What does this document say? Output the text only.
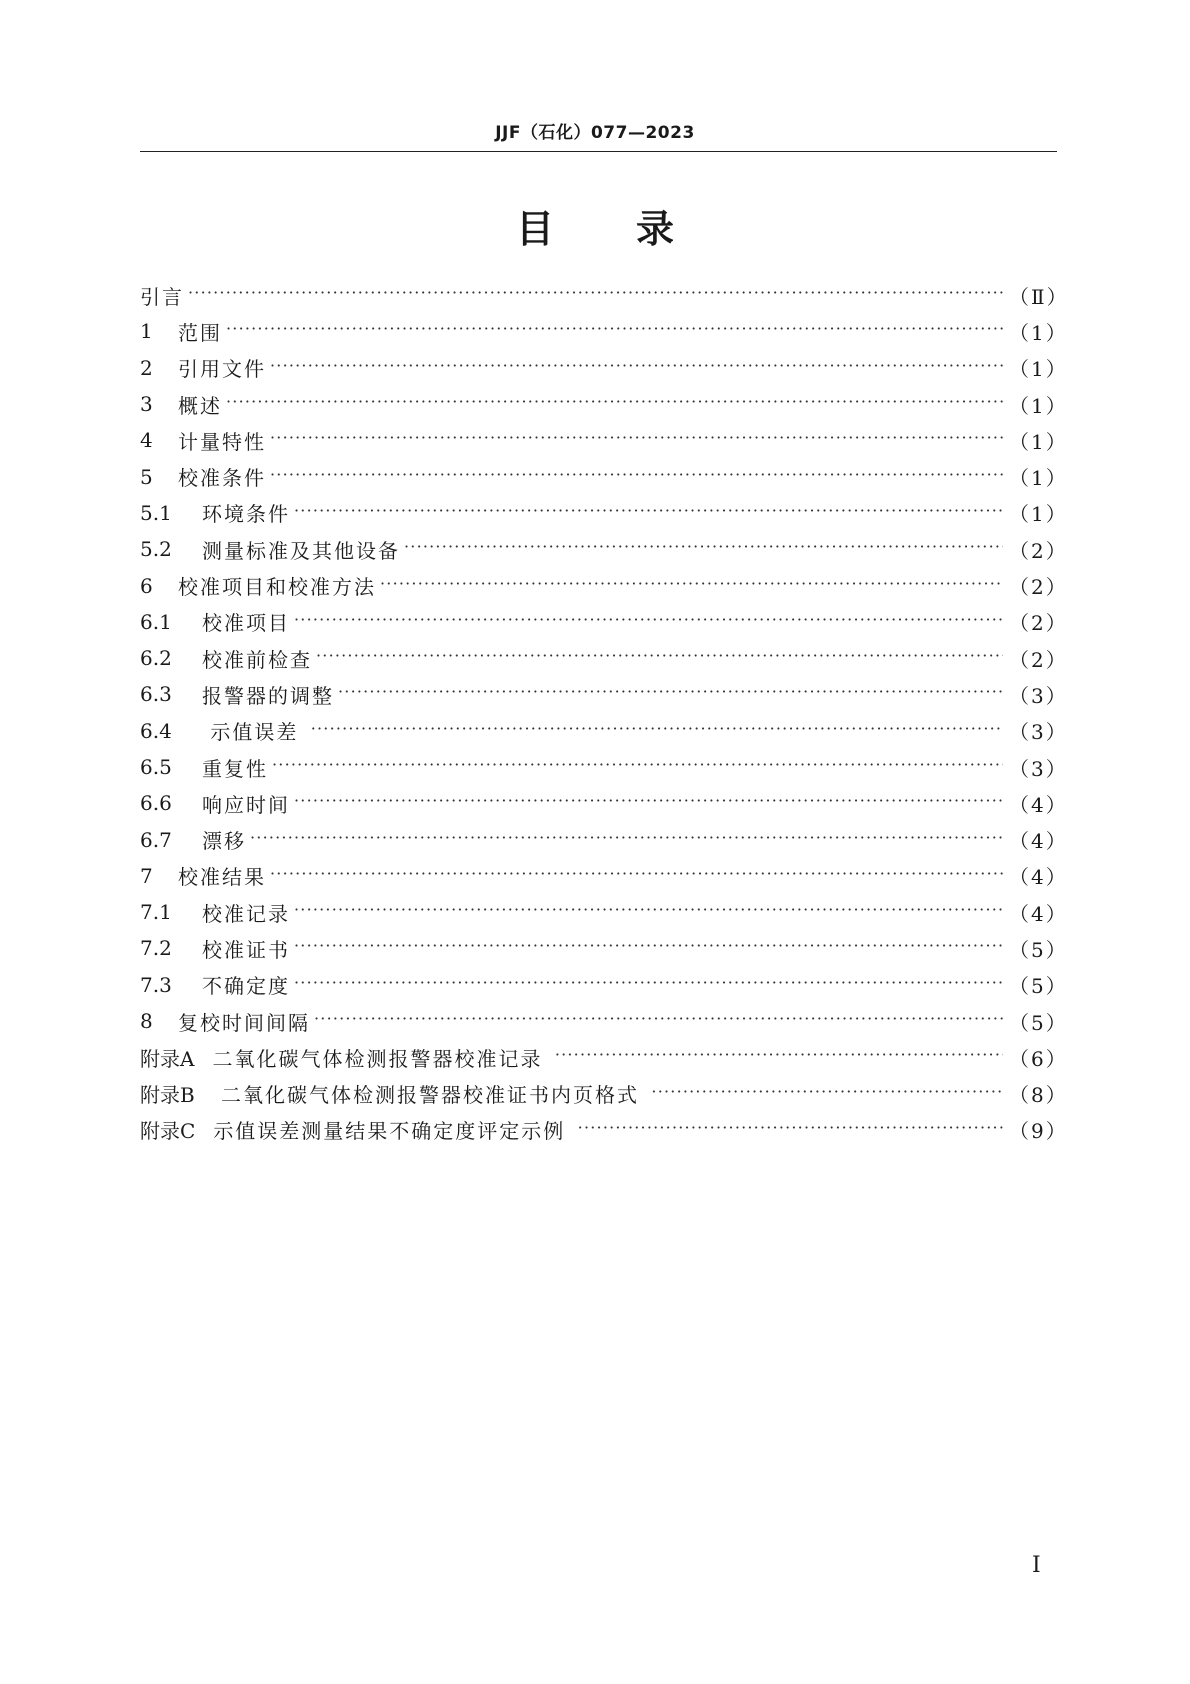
JJF（石化）077—2023
目录
引言 ·····	（Ⅱ）
1	范围 ·····	（1）
2	引用文件 ·····	（1）
3	概述 ·····	（1）
4	计量特性 ·····	（1）
5	校准条件 ·····	（1）
5.1	环境条件 ·····	（1）
5.2	测量标准及其他设备 ·····	（2）
6	校准项目和校准方法 ·····	（2）
6.1	校准项目 ·····	（2）
6.2	校准前检查 ·····	（2）
6.3	报警器的调整 ·····	（3）
6.4	示值误差 ·····	（3）
6.5	重复性 ·····	（3）
6.6	响应时间 ·····	（4）
6.7	漂移 ·····	（4）
7	校准结果 ·····	（4）
7.1	校准记录 ·····	（4）
7.2	校准证书 ·····	（5）
7.3	不确定度 ·····	（5）
8	复校时间间隔 ·····	（5）
附录A 二氧化碳气体检测报警器校准记录 ·····	（6）
附录B 二氧化碳气体检测报警器校准证书内页格式 ·····	（8）
附录C 示值误差测量结果不确定度评定示例 ·····	（9）
Ⅰ
